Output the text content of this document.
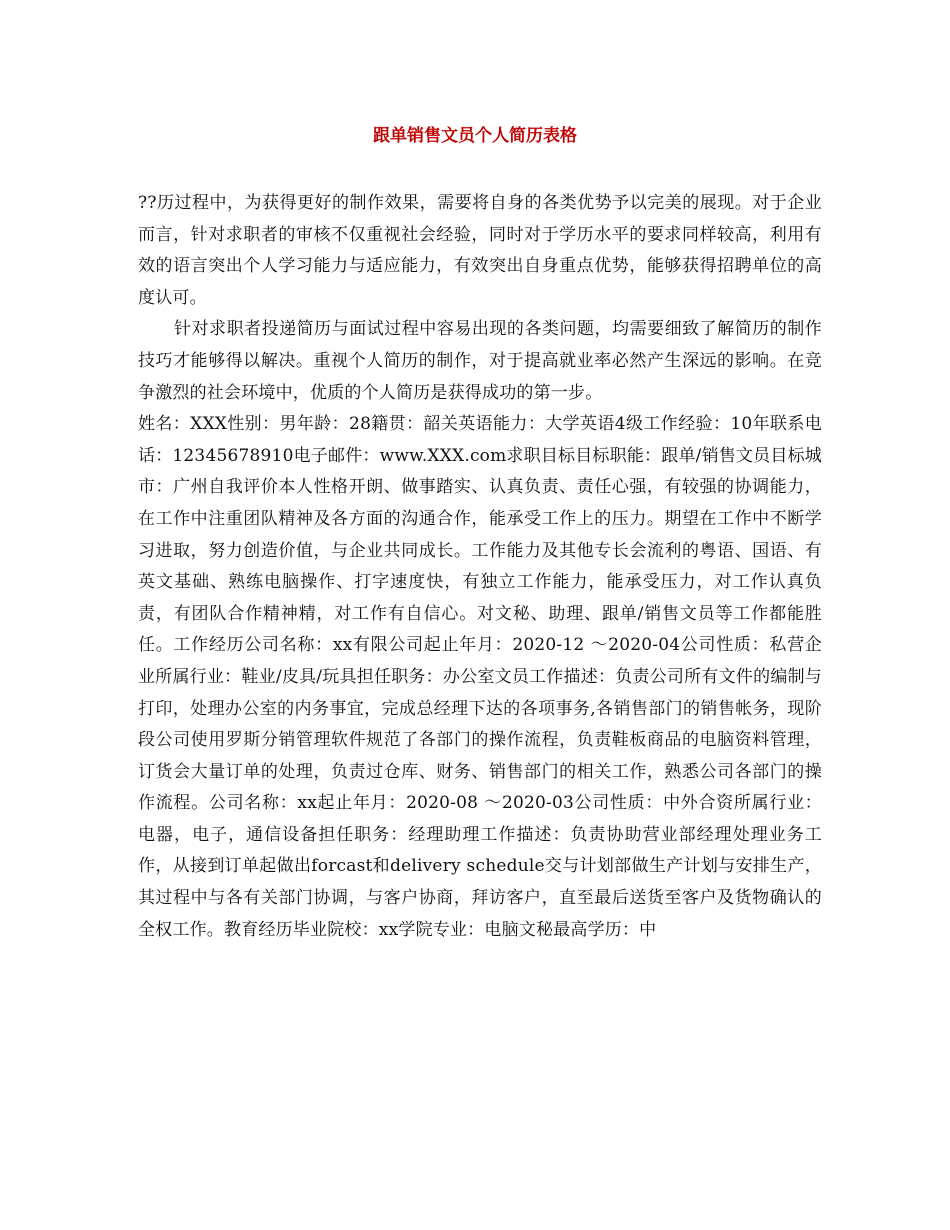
跟单销售文员个人简历表格

??历过程中，为获得更好的制作效果，需要将自身的各类优势予以完美的展现。对于企业而言，针对求职者的审核不仅重视社会经验，同时对于学历水平的要求同样较高，利用有效的语言突出个人学习能力与适应能力，有效突出自身重点优势，能够获得招聘单位的高度认可。

针对求职者投递简历与面试过程中容易出现的各类问题，均需要细致了解简历的制作技巧才能够得以解决。重视个人简历的制作，对于提高就业率必然产生深远的影响。在竞争激烈的社会环境中，优质的个人简历是获得成功的第一步。

姓名：XXX性别：男年龄：28籍贯：韶关英语能力：大学英语4级工作经验：10年联系电话：12345678910电子邮件：www.XXX.com求职目标目标职能：跟单/销售文员目标城市：广州自我评价本人性格开朗、做事踏实、认真负责、责任心强，有较强的协调能力，在工作中注重团队精神及各方面的沟通合作，能承受工作上的压力。期望在工作中不断学习进取，努力创造价值，与企业共同成长。工作能力及其他专长会流利的粤语、国语、有英文基础、熟练电脑操作、打字速度快，有独立工作能力，能承受压力，对工作认真负责，有团队合作精神精，对工作有自信心。对文秘、助理、跟单/销售文员等工作都能胜任。工作经历公司名称：xx有限公司起止年月：2020-12 ～2020-04公司性质：私营企业所属行业：鞋业/皮具/玩具担任职务：办公室文员工作描述：负责公司所有文件的编制与打印，处理办公室的内务事宜，完成总经理下达的各项事务,各销售部门的销售帐务，现阶段公司使用罗斯分销管理软件规范了各部门的操作流程，负责鞋板商品的电脑资料管理，订货会大量订单的处理，负责过仓库、财务、销售部门的相关工作，熟悉公司各部门的操作流程。公司名称：xx起止年月：2020-08 ～2020-03公司性质：中外合资所属行业：电器，电子，通信设备担任职务：经理助理工作描述：负责协助营业部经理处理业务工作，从接到订单起做出forcast和delivery schedule交与计划部做生产计划与安排生产，其过程中与各有关部门协调，与客户协商，拜访客户，直至最后送货至客户及货物确认的全权工作。教育经历毕业院校：xx学院专业：电脑文秘最高学历：中
